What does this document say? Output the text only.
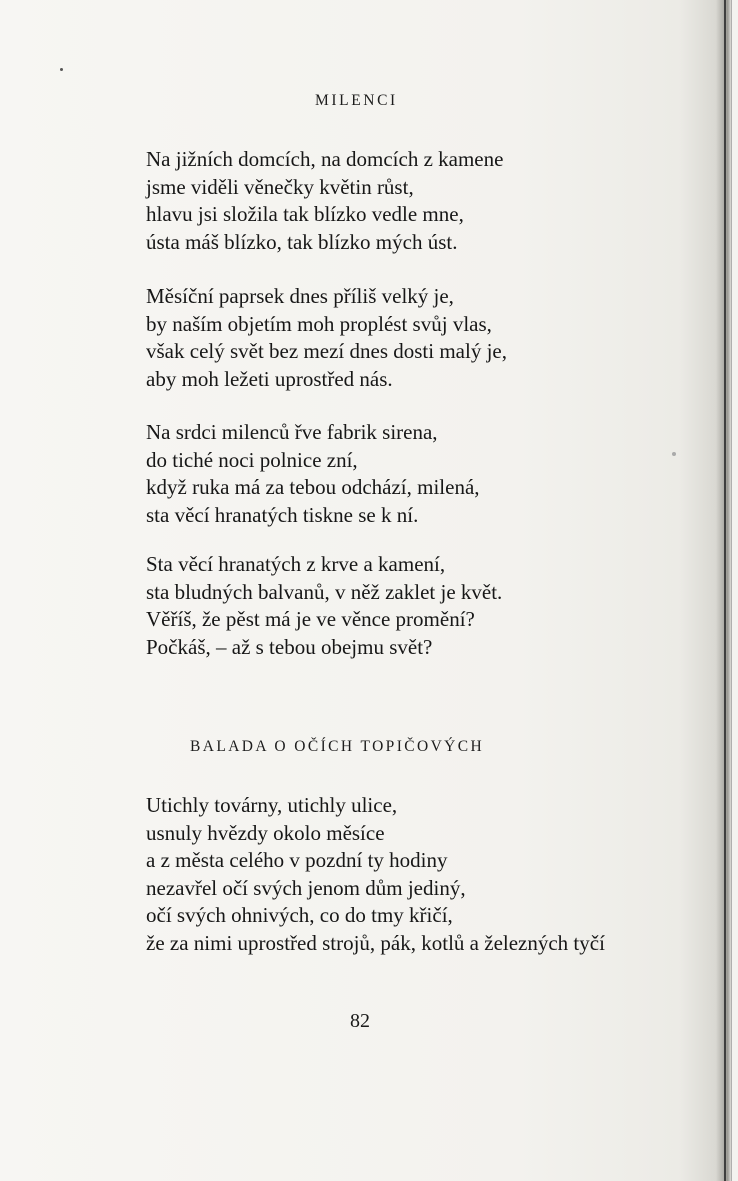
MILENCI
Na jižních domcích, na domcích z kamene
jsme viděli věnečky květin růst,
hlavu jsi složila tak blízko vedle mne,
ústa máš blízko, tak blízko mých úst.
Měsíční paprsek dnes příliš velký je,
by naším objetím moh proplést svůj vlas,
však celý svět bez mezí dnes dosti malý je,
aby moh ležeti uprostřed nás.
Na srdci milenců řve fabrik sirena,
do tiché noci polnice zní,
když ruka má za tebou odchází, milená,
sta věcí hranatých tiskne se k ní.
Sta věcí hranatých z krve a kamení,
sta bludných balvanů, v něž zaklet je květ.
Věříš, že pěst má je ve věnce promění?
Počkáš, – až s tebou obejmu svět?
BALADA O OČÍCH TOPIČOVÝCH
Utichly továrny, utichly ulice,
usnuly hvězdy okolo měsíce
a z města celého v pozdní ty hodiny
nezavřel očí svých jenom dům jediný,
očí svých ohnivých, co do tmy křičí,
že za nimi uprostřed strojů, pák, kotlů a železných tyčí
82
